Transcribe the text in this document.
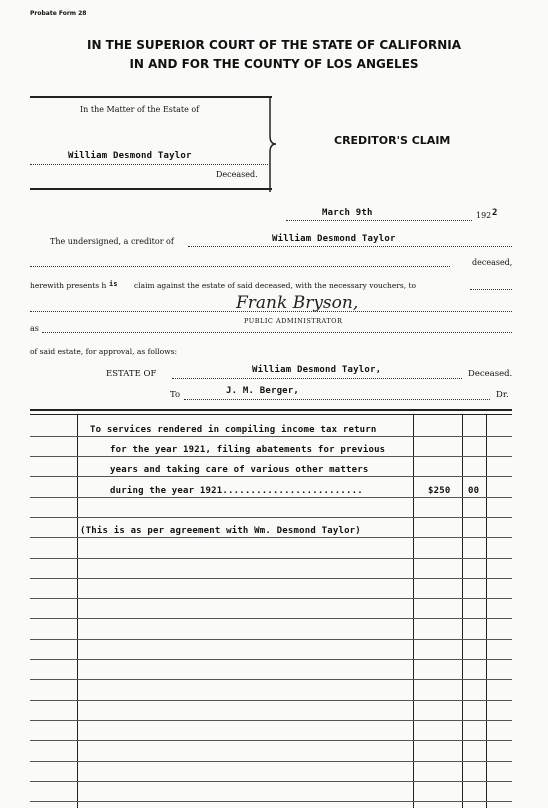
Probate Form 28
IN THE SUPERIOR COURT OF THE STATE OF CALIFORNIA
IN AND FOR THE COUNTY OF LOS ANGELES
In the Matter of the Estate of
William Desmond Taylor
Deceased.
CREDITOR'S CLAIM
March 9th	192 2
The undersigned, a creditor of	William Desmond Taylor
deceased,
herewith presents h is claim against the estate of said deceased, with the necessary vouchers, to
Frank Bryson,
PUBLIC ADMINISTRATOR
as
of said estate, for approval, as follows:
ESTATE OF	William Desmond Taylor,	Deceased.
To	J. M. Berger,	Dr.
To services rendered in compiling income tax return
for the year 1921, filing abatements for previous
years and taking care of various other matters
during the year 1921.........................	$250 00
(This is as per agreement with Wm. Desmond Taylor)
